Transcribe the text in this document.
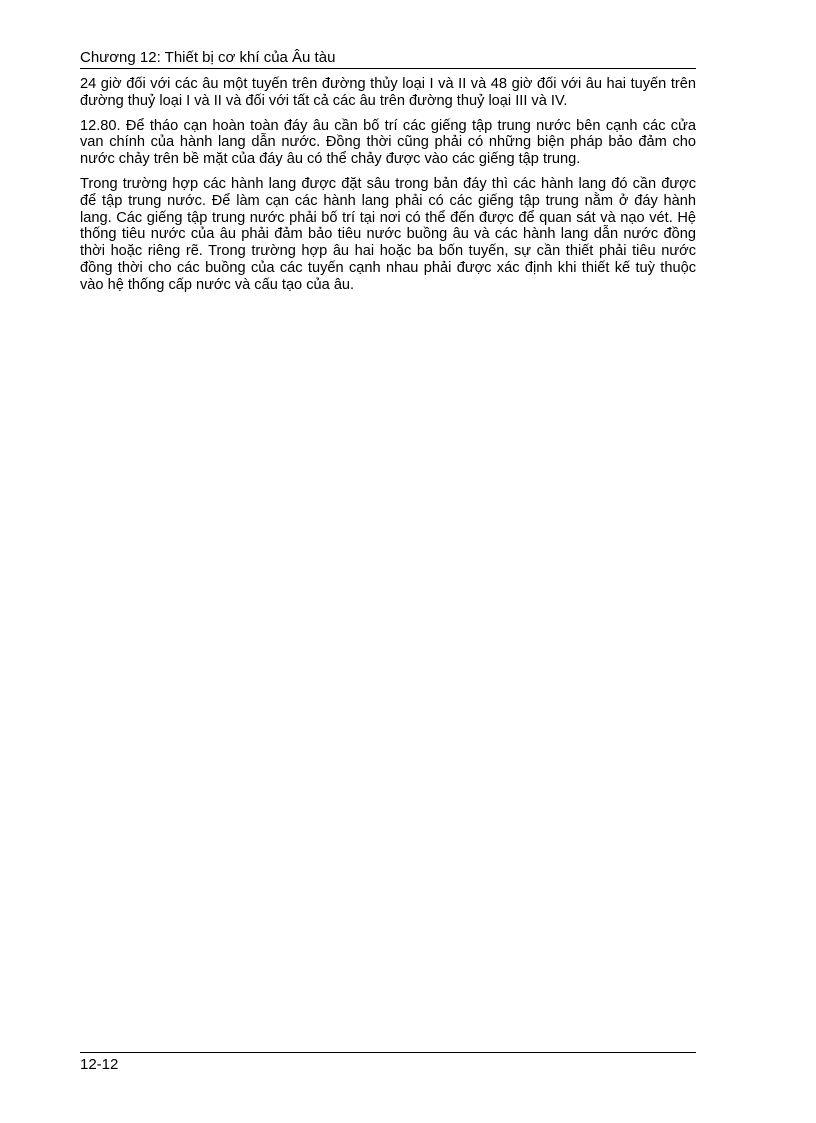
Chương 12: Thiết bị cơ khí của Âu tàu

24 giờ đối với các âu một tuyến trên đường thủy loại I và II và 48 giờ đối với âu hai tuyến trên đường thuỷ loại I và II và đối với tất cả các âu trên đường thuỷ loại III và IV.

12.80. Để tháo cạn hoàn toàn đáy âu cần bố trí các giếng tập trung nước bên cạnh các cửa van chính của hành lang dẫn nước. Đồng thời cũng phải có những biện pháp bảo đảm cho nước chảy trên bề mặt của đáy âu có thể chảy được vào các giếng tập trung.

Trong trường hợp các hành lang được đặt sâu trong bản đáy thì các hành lang đó cần được để tập trung nước. Để làm cạn các hành lang phải có các giếng tập trung nằm ở đáy hành lang. Các giếng tập trung nước phải bố trí tại nơi có thể đến được để quan sát và nạo vét. Hệ thống tiêu nước của âu phải đảm bảo tiêu nước buồng âu và các hành lang dẫn nước đồng thời hoặc riêng rẽ. Trong trường hợp âu hai hoặc ba bốn tuyến, sự cần thiết phải tiêu nước đồng thời cho các buồng của các tuyến cạnh nhau phải được xác định khi thiết kế tuỳ thuộc vào hệ thống cấp nước và cấu tạo của âu.

12-12
